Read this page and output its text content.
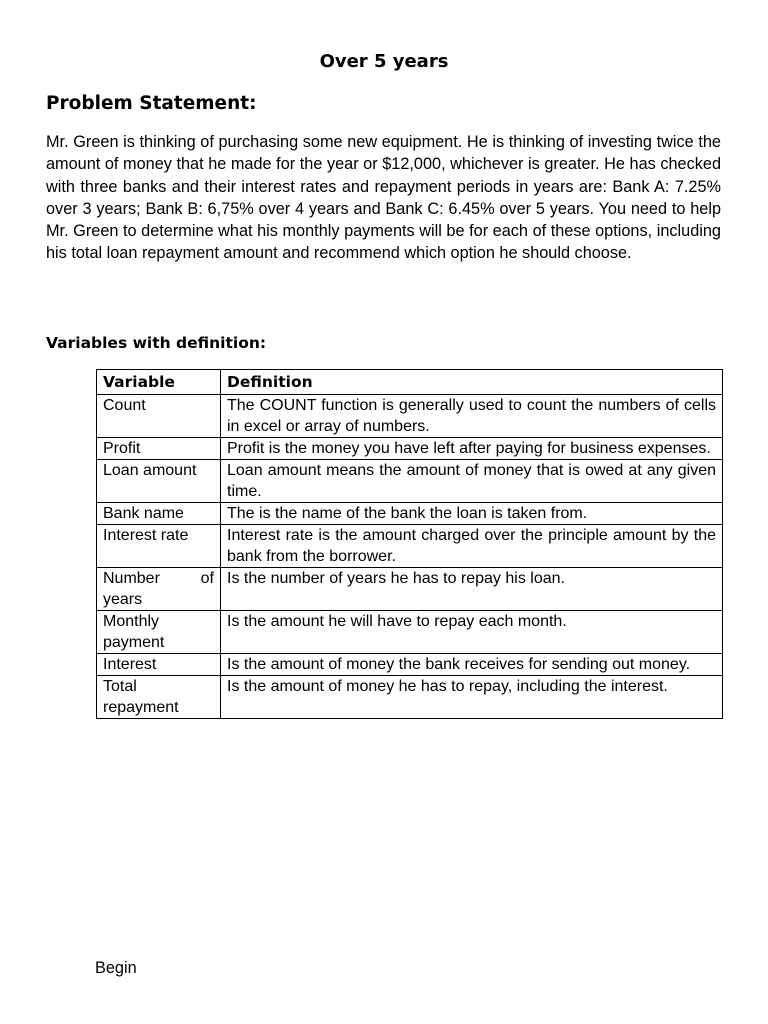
Over 5 years
Problem Statement:
Mr. Green is thinking of purchasing some new equipment. He is thinking of investing twice the amount of money that he made for the year or $12,000, whichever is greater. He has checked with three banks and their interest rates and repayment periods in years are: Bank A: 7.25% over 3 years; Bank B: 6,75% over 4 years and Bank C: 6.45% over 5 years. You need to help Mr. Green to determine what his monthly payments will be for each of these options, including his total loan repayment amount and recommend which option he should choose.
Variables with definition:
Variable	Definition
Count	The COUNT function is generally used to count the numbers of cells in excel or array of numbers.
Profit	Profit is the money you have left after paying for business expenses.
Loan amount	Loan amount means the amount of money that is owed at any given time.
Bank name	The is the name of the bank the loan is taken from.
Interest rate	Interest rate is the amount charged over the principle amount by the bank from the borrower.
Number of years	Is the number of years he has to repay his loan.
Monthly payment	Is the amount he will have to repay each month.
Interest	Is the amount of money the bank receives for sending out money.
Total repayment	Is the amount of money he has to repay, including the interest.
Begin
